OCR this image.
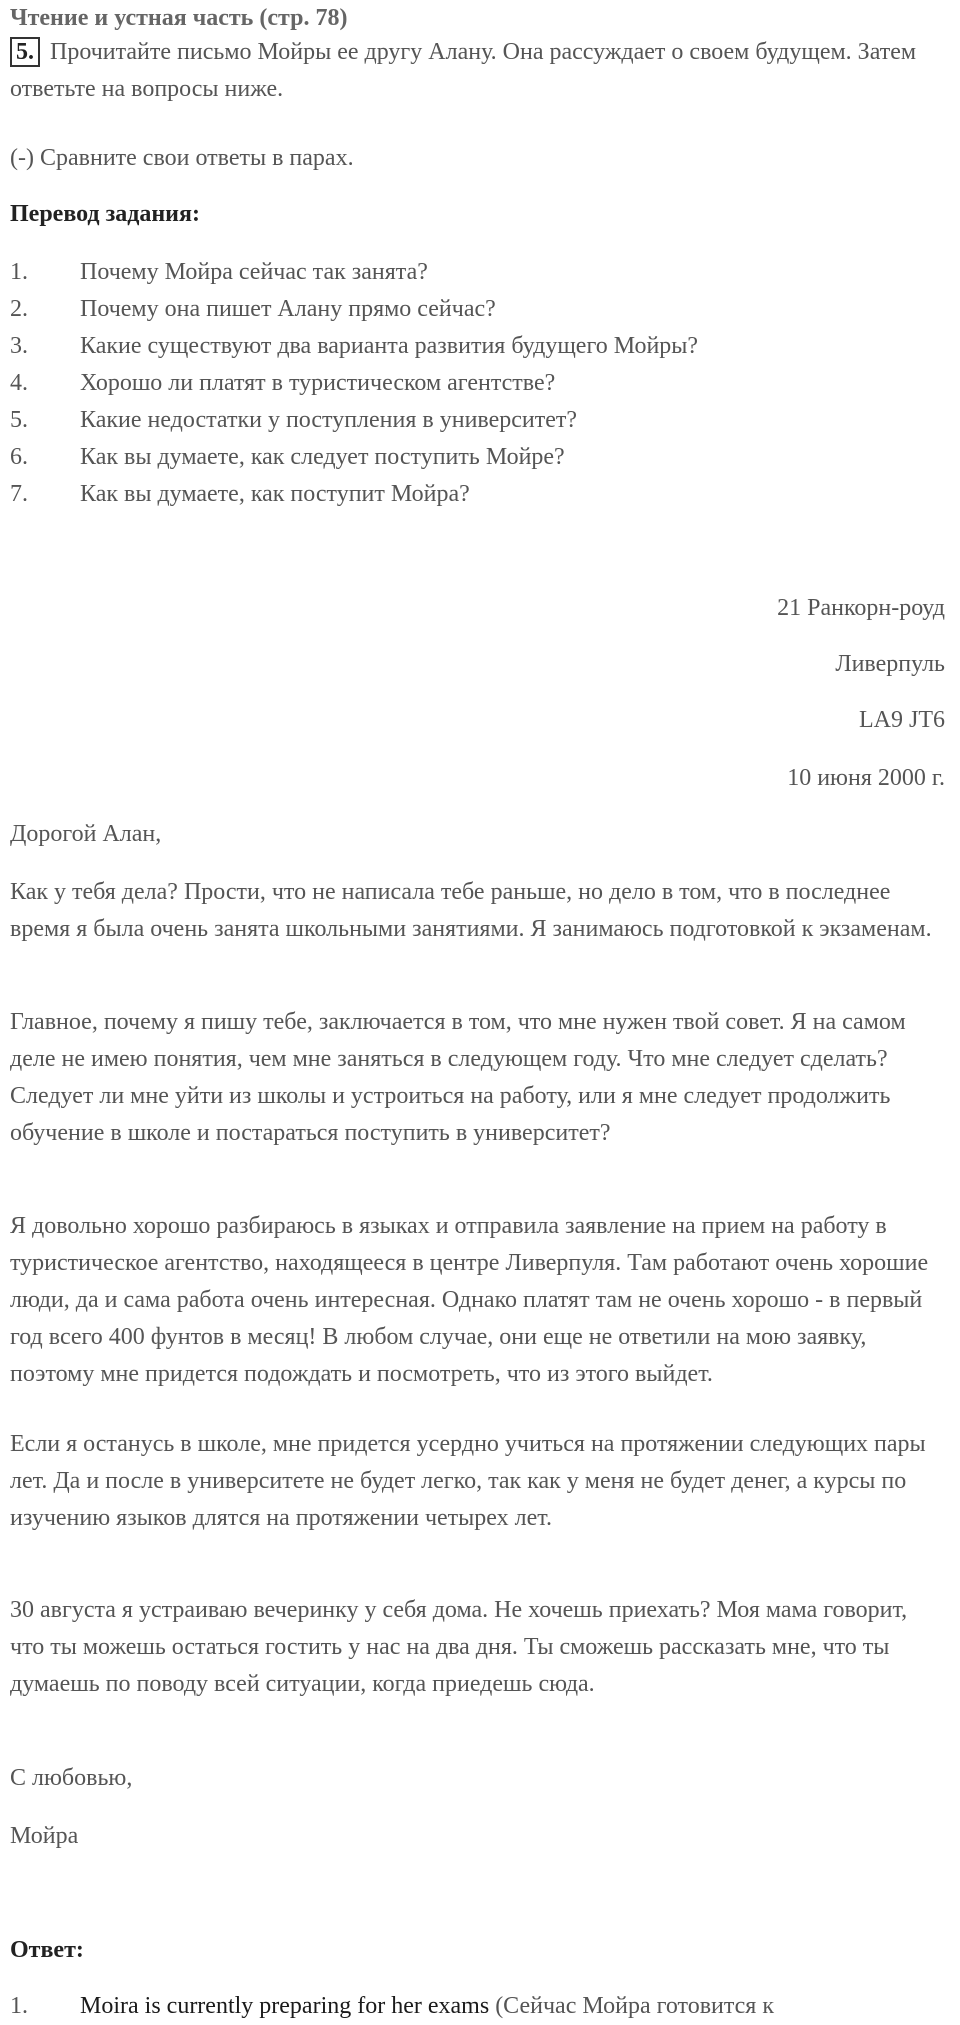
Чтение и устная часть (стр. 78)
5. Прочитайте письмо Мойры ее другу Алану. Она рассуждает о своем будущем. Затем ответьте на вопросы ниже.
(-) Сравните свои ответы в парах.
Перевод задания:
1.	Почему Мойра сейчас так занята?
2.	Почему она пишет Алану прямо сейчас?
3.	Какие существуют два варианта развития будущего Мойры?
4.	Хорошо ли платят в туристическом агентстве?
5.	Какие недостатки у поступления в университет?
6.	Как вы думаете, как следует поступить Мойре?
7.	Как вы думаете, как поступит Мойра?
21 Ранкорн-роуд
Ливерпуль
LA9 JT6
10 июня 2000 г.
Дорогой Алан,

Как у тебя дела? Прости, что не написала тебе раньше, но дело в том, что в последнее время я была очень занята школьными занятиями. Я занимаюсь подготовкой к экзаменам.

Главное, почему я пишу тебе, заключается в том, что мне нужен твой совет. Я на самом деле не имею понятия, чем мне заняться в следующем году. Что мне следует сделать? Следует ли мне уйти из школы и устроиться на работу, или я мне следует продолжить обучение в школе и постараться поступить в университет?

Я довольно хорошо разбираюсь в языках и отправила заявление на прием на работу в туристическое агентство, находящееся в центре Ливерпуля. Там работают очень хорошие люди, да и сама работа очень интересная. Однако платят там не очень хорошо - в первый год всего 400 фунтов в месяц! В любом случае, они еще не ответили на мою заявку, поэтому мне придется подождать и посмотреть, что из этого выйдет.

Если я останусь в школе, мне придется усердно учиться на протяжении следующих пары лет. Да и после в университете не будет легко, так как у меня не будет денег, а курсы по изучению языков длятся на протяжении четырех лет.

30 августа я устраиваю вечеринку у себя дома. Не хочешь приехать? Моя мама говорит, что ты можешь остаться гостить у нас на два дня. Ты сможешь рассказать мне, что ты думаешь по поводу всей ситуации, когда приедешь сюда.

С любовью,
Мойра
Ответ:
1.	Moira is currently preparing for her exams (Сейчас Мойра готовится к
